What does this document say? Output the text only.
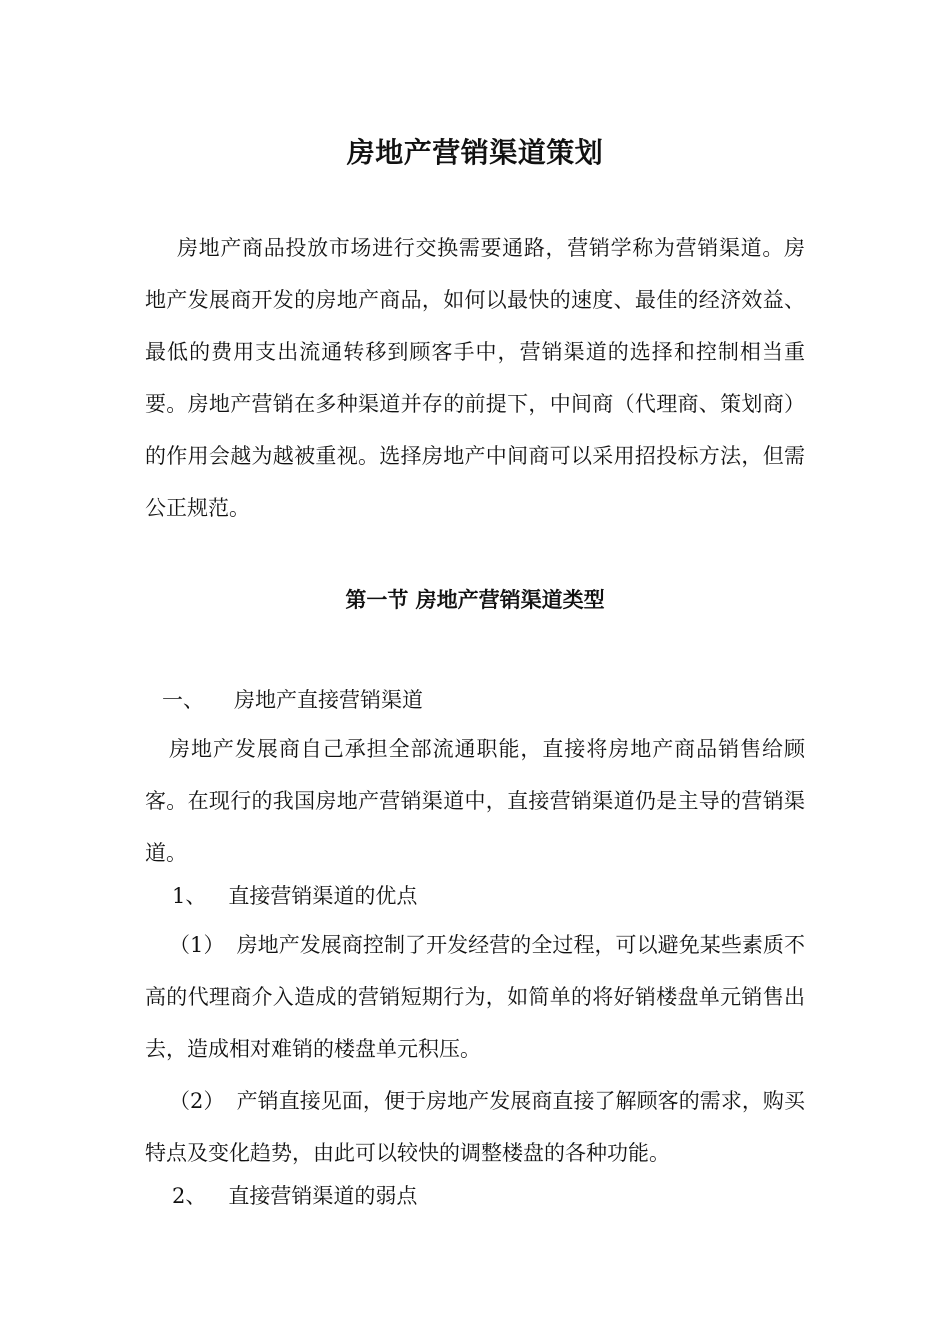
房地产营销渠道策划

房地产商品投放市场进行交换需要通路，营销学称为营销渠道。房地产发展商开发的房地产商品，如何以最快的速度、最佳的经济效益、最低的费用支出流通转移到顾客手中，营销渠道的选择和控制相当重要。房地产营销在多种渠道并存的前提下，中间商（代理商、策划商）的作用会越为越被重视。选择房地产中间商可以采用招投标方法，但需公正规范。

第一节 房地产营销渠道类型
一、 房地产直接营销渠道

房地产发展商自己承担全部流通职能，直接将房地产商品销售给顾客。在现行的我国房地产营销渠道中，直接营销渠道仍是主导的营销渠道。

1、 直接营销渠道的优点

（1） 房地产发展商控制了开发经营的全过程，可以避免某些素质不高的代理商介入造成的营销短期行为，如简单的将好销楼盘单元销售出去，造成相对难销的楼盘单元积压。

（2） 产销直接见面，便于房地产发展商直接了解顾客的需求，购买特点及变化趋势，由此可以较快的调整楼盘的各种功能。

2、 直接营销渠道的弱点
